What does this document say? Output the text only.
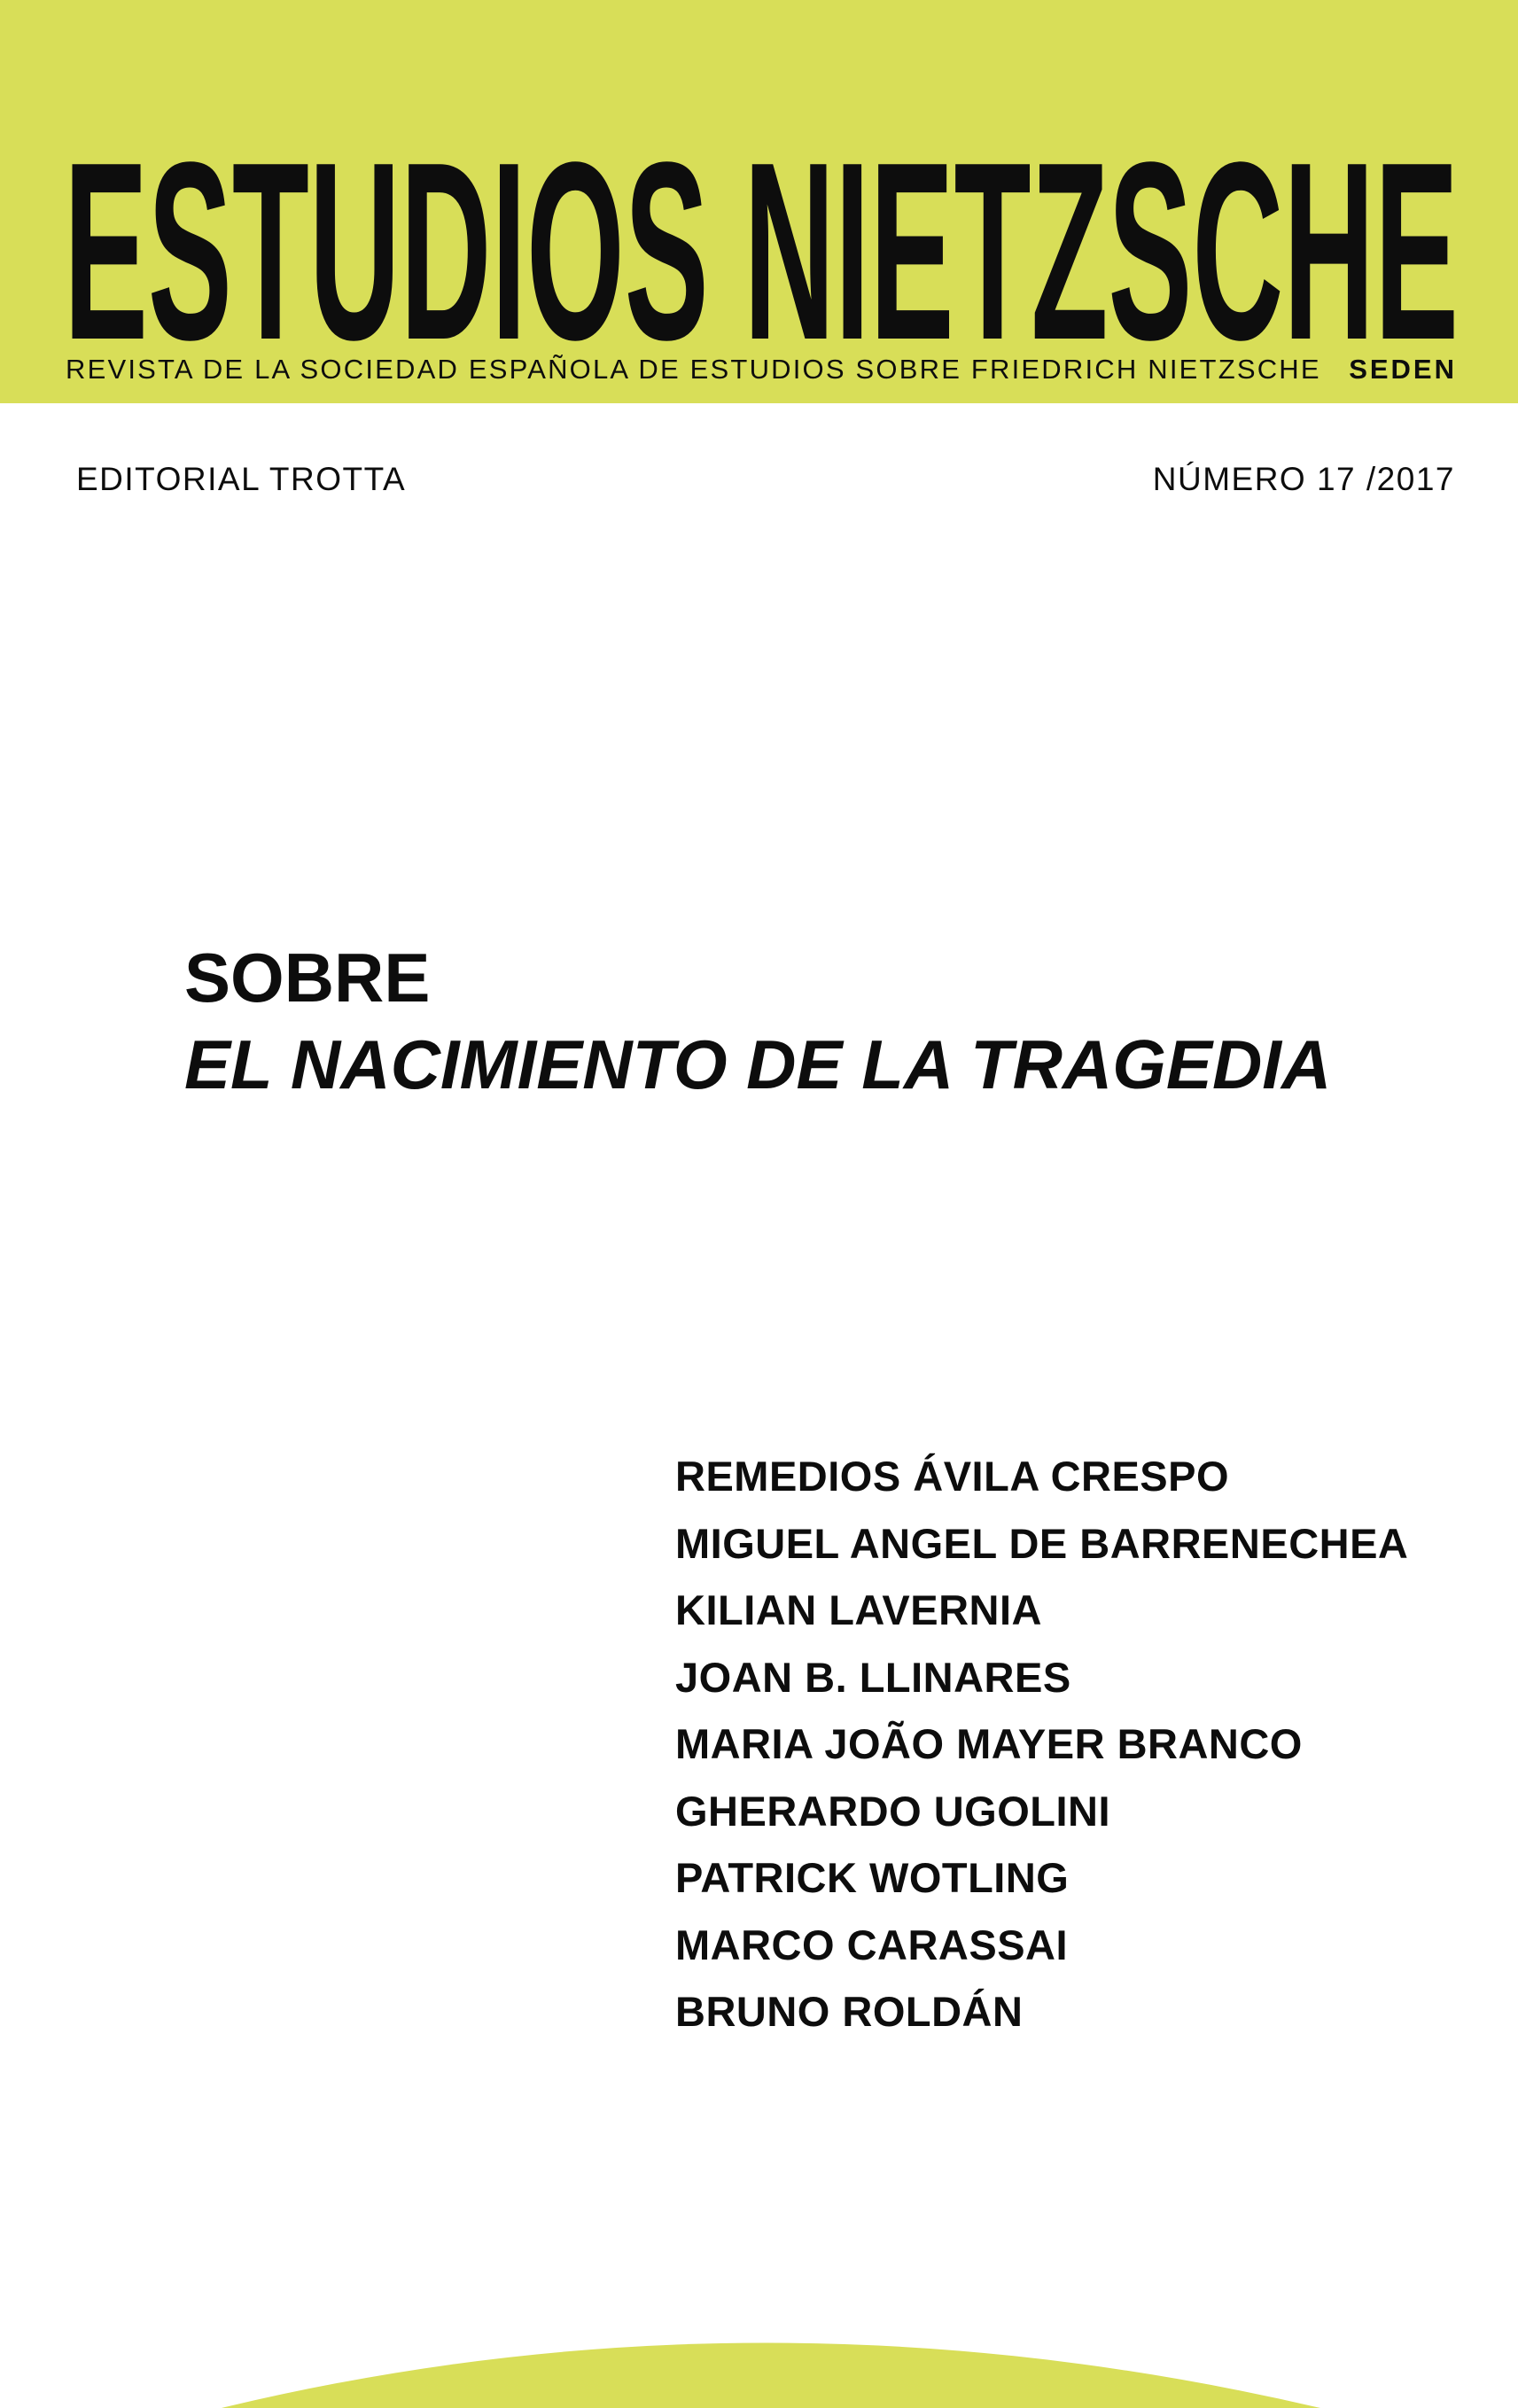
ESTUDIOS NIETZSCHE
REVISTA DE LA SOCIEDAD ESPAÑOLA DE ESTUDIOS SOBRE FRIEDRICH NIETZSCHE SEDEN
EDITORIAL TROTTA	NÚMERO 17 /2017
SOBRE
EL NACIMIENTO DE LA TRAGEDIA
REMEDIOS ÁVILA CRESPO
MIGUEL ANGEL DE BARRENECHEA
KILIAN LAVERNIA
JOAN B. LLINARES
MARIA JOÃO MAYER BRANCO
GHERARDO UGOLINI
PATRICK WOTLING
MARCO CARASSAI
BRUNO ROLDÁN
